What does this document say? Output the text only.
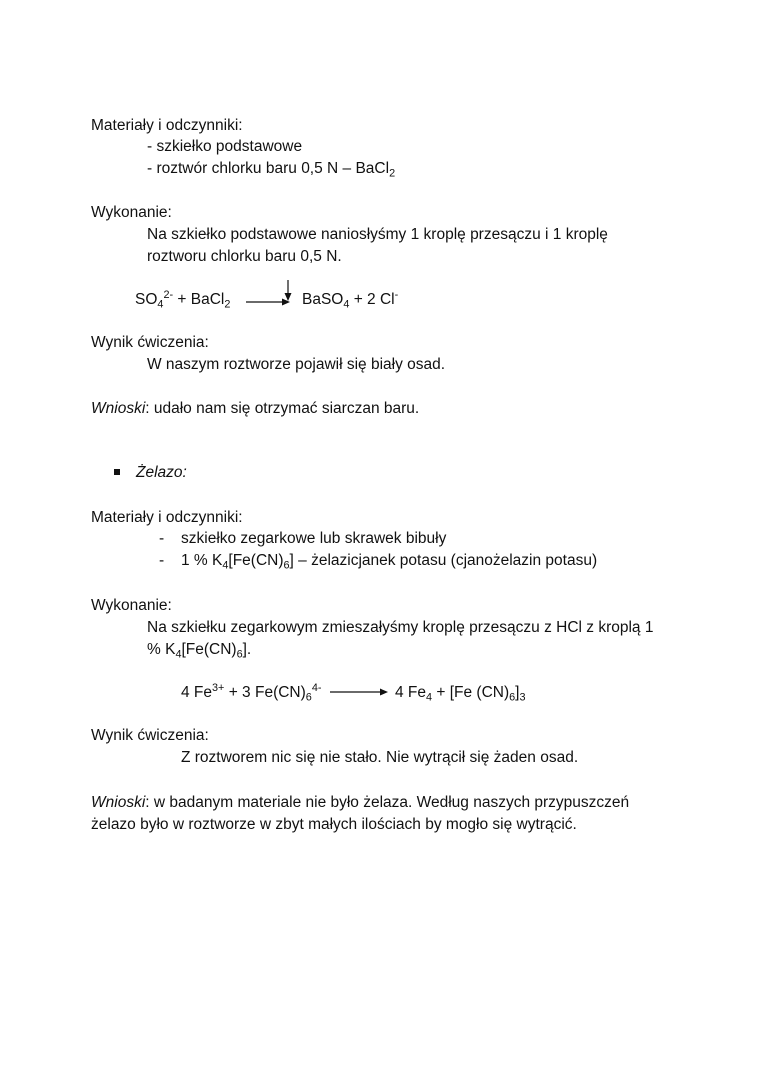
Materiały i odczynniki:
- szkiełko podstawowe
- roztwór chlorku baru 0,5 N – BaCl$_2$
Wykonanie:
Na szkiełko podstawowe naniosłyśmy 1 kroplę przesączu i 1 kroplę
roztworu chlorku baru 0,5 N.
$SO_4^{2-}$ + BaCl$_2$ → BaSO$_4$ + 2 Cl-
Wynik ćwiczenia:
W naszym roztworze pojawił się biały osad.
Wnioski: udało nam się otrzymać siarczan baru.
Żelazo:
Materiały i odczynniki:
- szkiełko zegarkowe lub skrawek bibuły
- 1 % $K_4[Fe(CN)_6]$ – żelazicjanek potasu (cjanożelazin potasu)
Wykonanie:
Na szkiełku zegarkowym zmieszałyśmy kroplę przesączu z HCl z kroplą 1
% $K_4[Fe(CN)_6]$.
4 $Fe^{3+} + 3$ $Fe(CN)_6^{4-} \to 4$ $Fe_4 + [Fe$ $(CN)_6]_3$
Wynik ćwiczenia:
Z roztworem nic się nie stało. Nie wytrącił się żaden osad.
Wnioski: w badanym materiale nie było żelaza. Według naszych przypuszczeń
żelazo było w roztworze w zbyt małych ilościach by mogło się wytrącić.
